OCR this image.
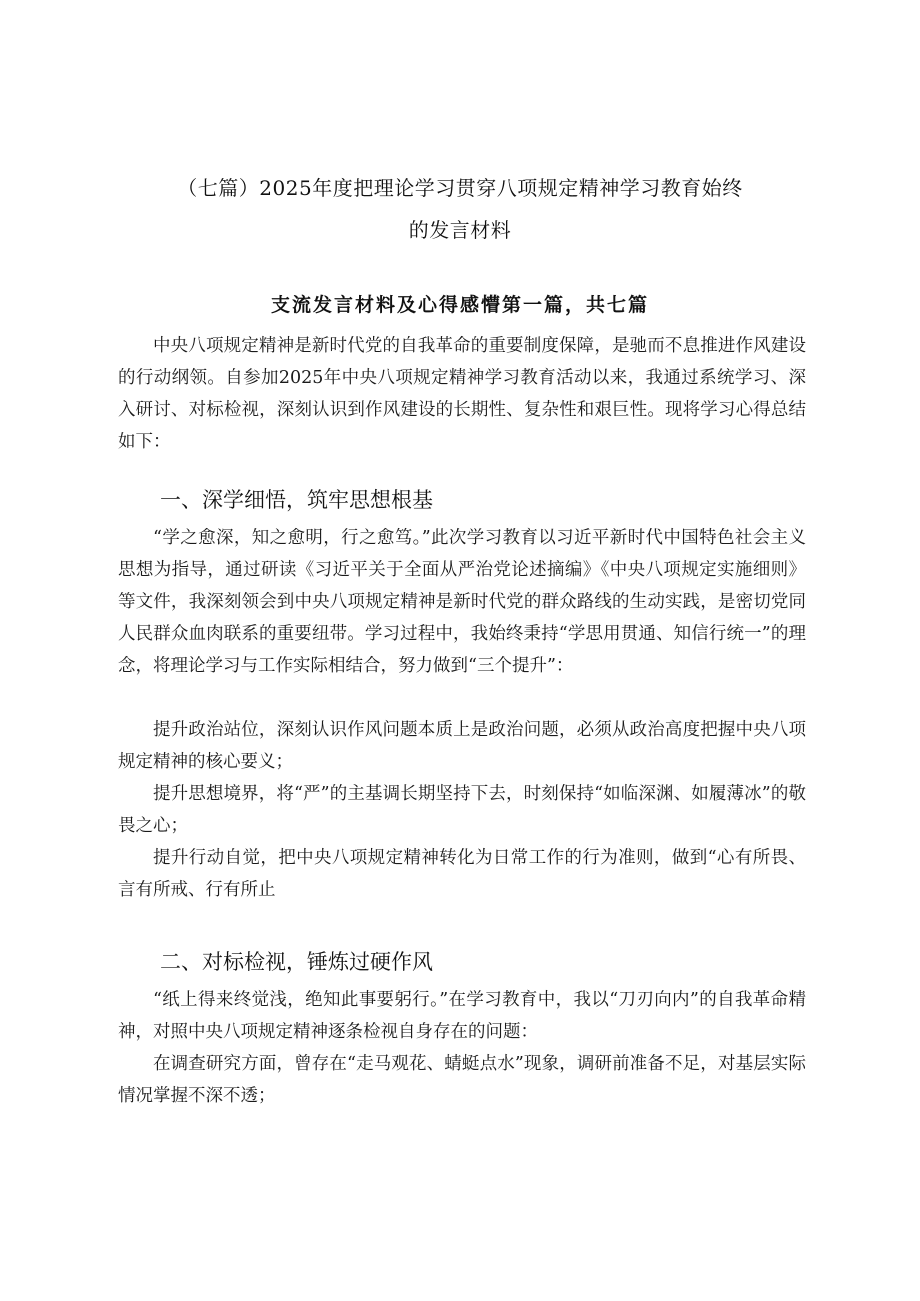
（七篇）2025年度把理论学习贯穿八项规定精神学习教育始终
的发言材料
支流发言材料及心得感懵第一篇，共七篇
中央八项规定精神是新时代党的自我革命的重要制度保障，是驰而不息推进作风建设的行动纲领。自参加2025年中央八项规定精神学习教育活动以来，我通过系统学习、深入研讨、对标检视，深刻认识到作风建设的长期性、复杂性和艰巨性。现将学习心得总结如下：
一、深学细悟，筑牢思想根基
“学之愈深，知之愈明，行之愈笃。”此次学习教育以习近平新时代中国特色社会主义思想为指导，通过研读《习近平关于全面从严治党论述摘编》《中央八项规定实施细则》等文件，我深刻领会到中央八项规定精神是新时代党的群众路线的生动实践，是密切党同人民群众血肉联系的重要纽带。学习过程中，我始终秉持“学思用贯通、知信行统一”的理念，将理论学习与工作实际相结合，努力做到“三个提升”：
提升政治站位，深刻认识作风问题本质上是政治问题，必须从政治高度把握中央八项规定精神的核心要义；
提升思想境界，将“严”的主基调长期坚持下去，时刻保持“如临深渊、如履薄冰”的敬畏之心；
提升行动自觉，把中央八项规定精神转化为日常工作的行为准则，做到“心有所畏、言有所戒、行有所止
二、对标检视，锤炼过硬作风
“纸上得来终觉浅，绝知此事要躬行。”在学习教育中，我以“刀刃向内”的自我革命精神，对照中央八项规定精神逐条检视自身存在的问题：
在调查研究方面，曾存在“走马观花、蜻蜓点水”现象，调研前准备不足，对基层实际情况掌握不深不透；
